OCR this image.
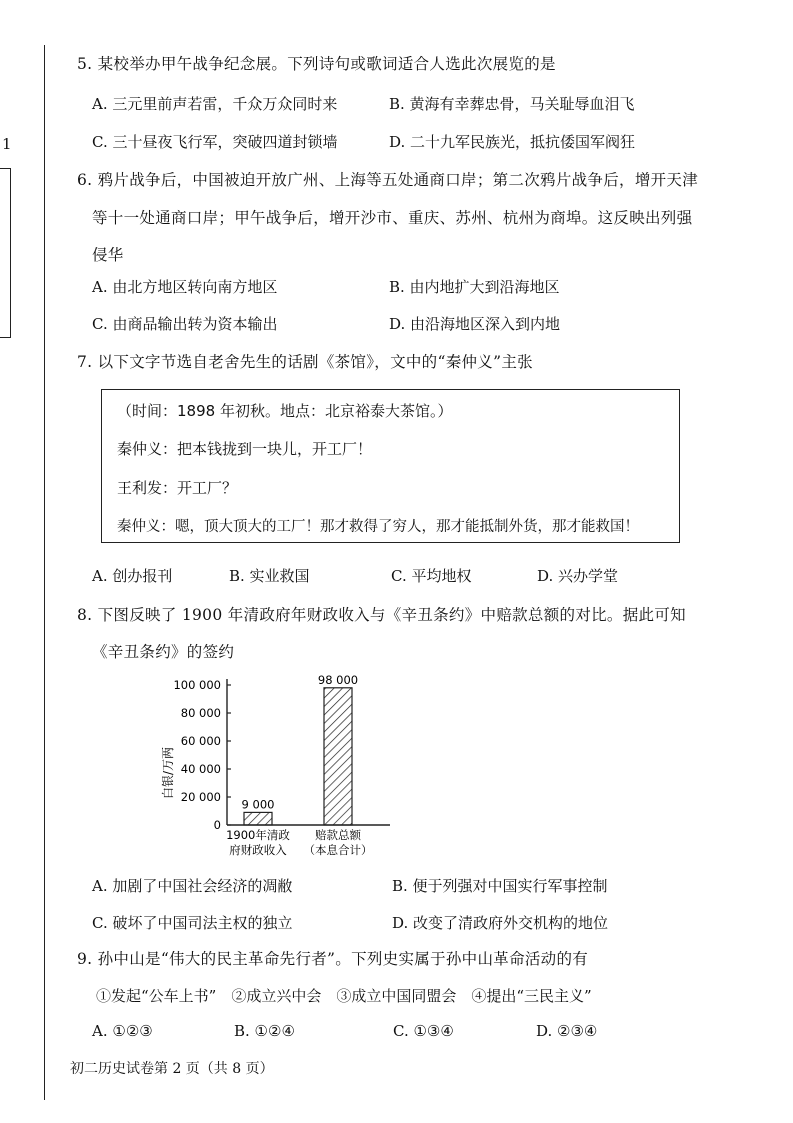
1
5. 某校举办甲午战争纪念展。下列诗句或歌词适合人选此次展览的是
A. 三元里前声若雷，千众万众同时来	B. 黄海有幸葬忠骨，马关耻辱血泪飞
C. 三十昼夜飞行军，突破四道封锁墙	D. 二十九军民族光，抵抗倭国军阀狂
6. 鸦片战争后，中国被迫开放广州、上海等五处通商口岸；第二次鸦片战争后，增开天津
等十一处通商口岸；甲午战争后，增开沙市、重庆、苏州、杭州为商埠。这反映出列强
侵华
A. 由北方地区转向南方地区	B. 由内地扩大到沿海地区
C. 由商品输出转为资本输出	D. 由沿海地区深入到内地
7. 以下文字节选自老舍先生的话剧《茶馆》，文中的“秦仲义”主张
（时间：1898 年初秋。地点：北京裕泰大茶馆。）
秦仲义：把本钱拢到一块儿，开工厂！
王利发：开工厂？
秦仲义：嗯，顶大顶大的工厂！那才救得了穷人，那才能抵制外货，那才能救国！
A. 创办报刊	B. 实业救国	C. 平均地权	D. 兴办学堂
8. 下图反映了 1900 年清政府年财政收入与《辛丑条约》中赔款总额的对比。据此可知
《辛丑条约》的签约
白银/万两
0
20 000
40 000
60 000
80 000
100 000
9 000
1900年清政
府财政收入
98 000
赔款总额
（本息合计）
A. 加剧了中国社会经济的凋敝	B. 便于列强对中国实行军事控制
C. 破坏了中国司法主权的独立	D. 改变了清政府外交机构的地位
9. 孙中山是“伟大的民主革命先行者”。下列史实属于孙中山革命活动的有
①发起“公车上书”　②成立兴中会　③成立中国同盟会　④提出“三民主义”
A. ①②③	B. ①②④	C. ①③④	D. ②③④
初二历史试卷第 2 页（共 8 页）
